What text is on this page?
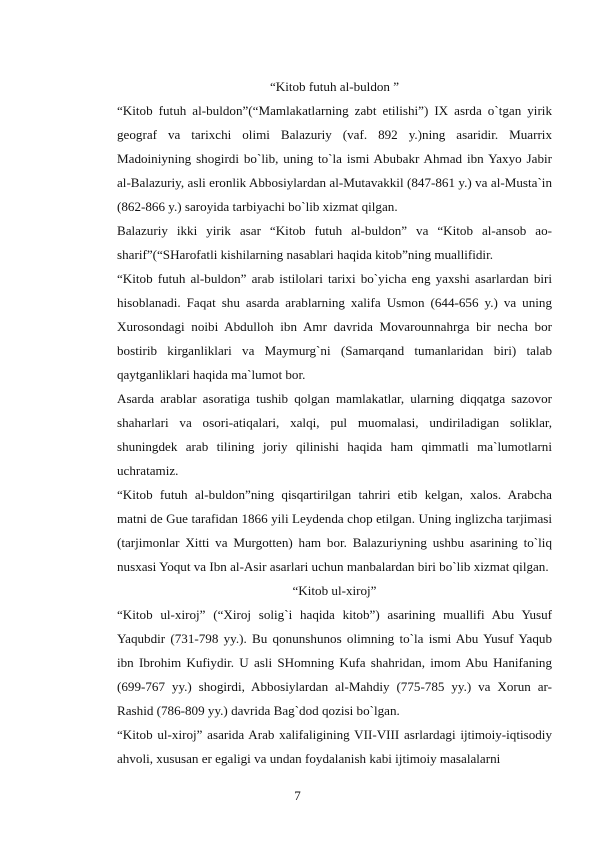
“Kitob futuh al-buldon ”

“Kitob futuh al-buldon”(“Mamlakatlarning zabt etilishi”) IX asrda o`tgan yirik geograf va tarixchi olimi Balazuriy (vaf. 892 y.)ning asaridir. Muarrix Madoiniyning shogirdi bo`lib, uning to`la ismi Abubakr Ahmad ibn Yaxyo Jabir al-Balazuriy, asli eronlik Abbosiylardan al-Mutavakkil (847-861 y.) va al-Musta`in (862-866 y.) saroyida tarbiyachi bo`lib xizmat qilgan.

Balazuriy ikki yirik asar “Kitob futuh al-buldon” va “Kitob al-ansob ao-sharif”(“SHarofatli kishilarning nasablari haqida kitob”ning muallifidir.

“Kitob futuh al-buldon” arab istilolari tarixi bo`yicha eng yaxshi asarlardan biri hisoblanadi. Faqat shu asarda arablarning xalifa Usmon (644-656 y.) va uning Xurosondagi noibi Abdulloh ibn Amr davrida Movarounnahrga bir necha bor bostirib kirganliklari va Maymurg`ni (Samarqand tumanlaridan biri) talab qaytganliklari haqida ma`lumot bor.

Asarda arablar asoratiga tushib qolgan mamlakatlar, ularning diqqatga sazovor shaharlari va osori-atiqalari, xalqi, pul muomalasi, undiriladigan soliklar, shuningdek arab tilining joriy qilinishi haqida ham qimmatli ma`lumotlarni uchratamiz.

“Kitob futuh al-buldon”ning qisqartirilgan tahriri etib kelgan, xalos. Arabcha matni de Gue tarafidan 1866 yili Leydenda chop etilgan. Uning inglizcha tarjimasi (tarjimonlar Xitti va Murgotten) ham bor. Balazuriyning ushbu asarining to`liq nusxasi Yoqut va Ibn al-Asir asarlari uchun manbalardan biri bo`lib xizmat qilgan.

“Kitob ul-xiroj”

“Kitob ul-xiroj” (“Xiroj solig`i haqida kitob”) asarining muallifi Abu Yusuf Yaqubdir (731-798 yy.). Bu qonunshunos olimning to`la ismi Abu Yusuf Yaqub ibn Ibrohim Kufiydir. U asli SHomning Kufa shahridan, imom Abu Hanifaning (699-767 yy.) shogirdi, Abbosiylardan al-Mahdiy (775-785 yy.) va Xorun ar-Rashid (786-809 yy.) davrida Bag`dod qozisi bo`lgan.

“Kitob ul-xiroj” asarida Arab xalifaligining VII-VIII asrlardagi ijtimoiy-iqtisodiy ahvoli, xususan er egaligi va undan foydalanish kabi ijtimoiy masalalarni

7
